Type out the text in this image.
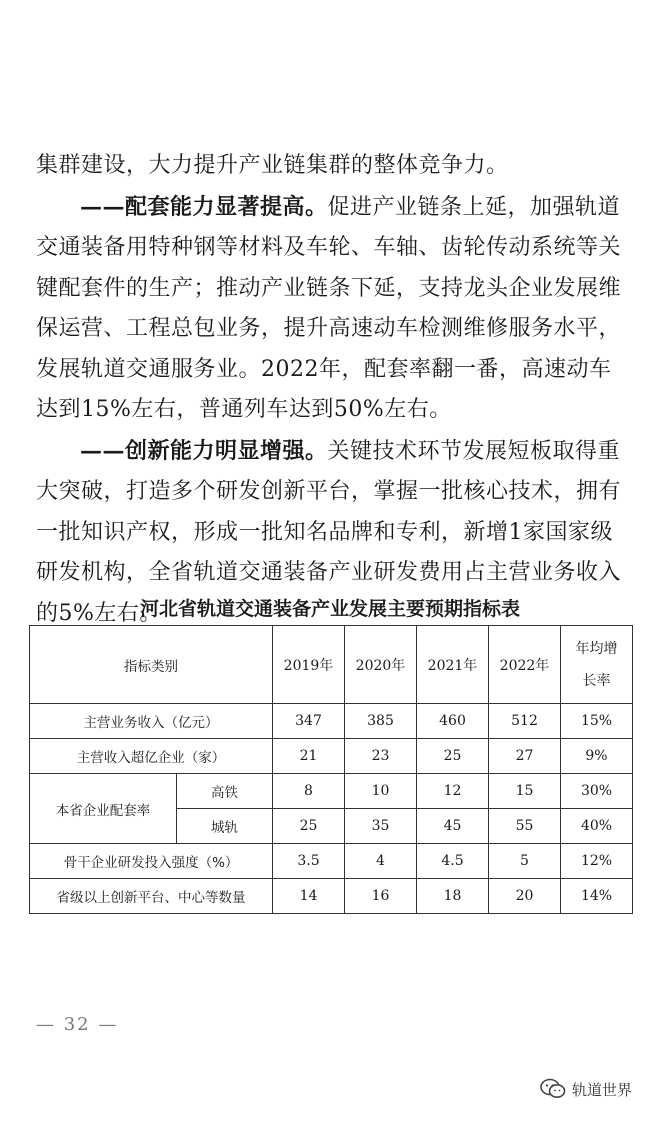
集群建设，大力提升产业链集群的整体竞争力。

——配套能力显著提高。促进产业链条上延，加强轨道交通装备用特种钢等材料及车轮、车轴、齿轮传动系统等关键配套件的生产；推动产业链条下延，支持龙头企业发展维保运营、工程总包业务，提升高速动车检测维修服务水平，发展轨道交通服务业。2022年，配套率翻一番，高速动车达到15%左右，普通列车达到50%左右。

——创新能力明显增强。关键技术环节发展短板取得重大突破，打造多个研发创新平台，掌握一批核心技术，拥有一批知识产权，形成一批知名品牌和专利，新增1家国家级研发机构，全省轨道交通装备产业研发费用占主营业务收入的5%左右。

河北省轨道交通装备产业发展主要预期指标表
指标类别		2019年	2020年	2021年	2022年	年均增
长率
主营业务收入（亿元）		347	385	460	512	15%
主营收入超亿企业（家）		21	23	25	27	9%
本省企业配套率	高铁	8	10	12	15	30%
	城轨	25	35	45	55	40%
骨干企业研发投入强度（%）		3.5	4	4.5	5	12%
省级以上创新平台、中心等数量		14	16	18	20	14%
— 32 —
轨道世界
